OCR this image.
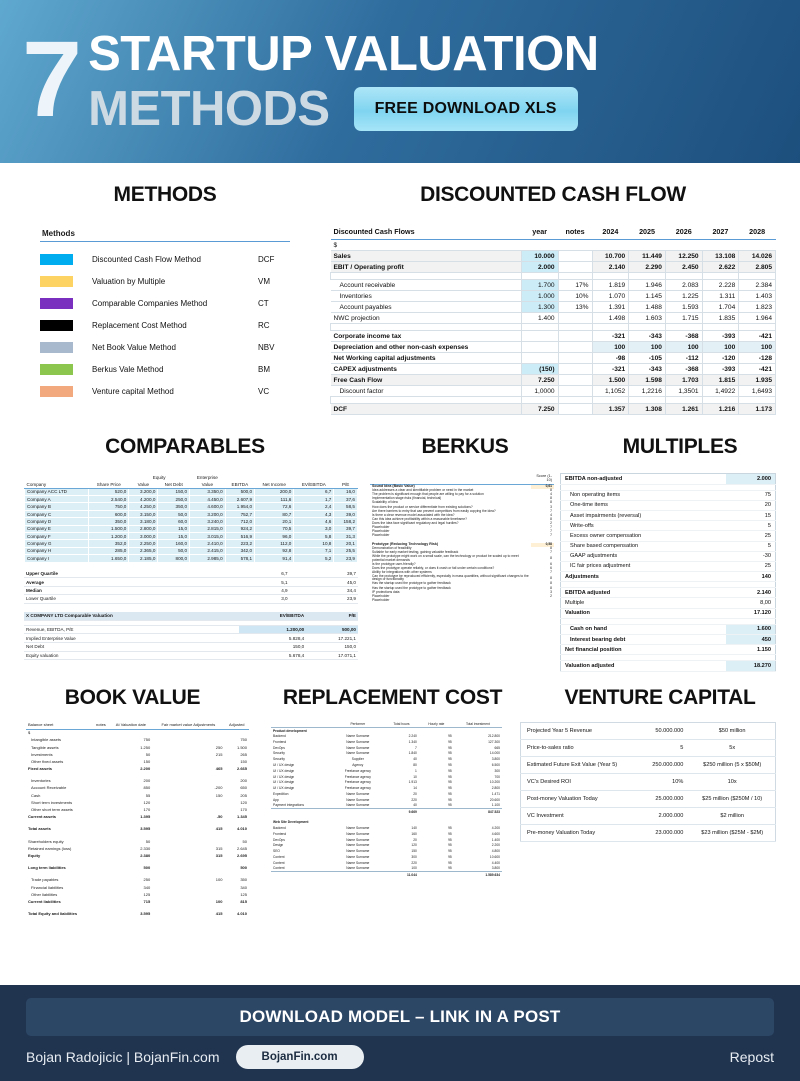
7 STARTUP VALUATION
METHODS	FREE DOWNLOAD XLS
METHODS
Methods
Discounted Cash Flow Method	DCF
Valuation by Multiple	VM
Comparable Companies Method	CT
Replacement Cost Method	RC
Net Book Value Method	NBV
Berkus Vale Method	BM
Venture capital Method	VC
DISCOUNTED CASH FLOW
Discounted Cash Flows	year	notes	2024	2025	2026	2027	2028
$							
Sales	10.000		10.700	11.449	12.250	13.108	14.026
EBIT / Operating profit	2.000		2.140	2.290	2.450	2.622	2.805

Account receivable	1.700	17%	1.819	1.946	2.083	2.228	2.384
Inventories	1.000	10%	1.070	1.145	1.225	1.311	1.403
Account payables	1.300	13%	1.391	1.488	1.593	1.704	1.823
NWC projection	1.400		1.498	1.603	1.715	1.835	1.964

Corporate income tax			-321	-343	-368	-393	-421
Depreciation and other non-cash expenses			100	100	100	100	100
Net Working capital adjustments			-98	-105	-112	-120	-128
CAPEX adjustments	(150)		-321	-343	-368	-393	-421
Free Cash Flow	7.250		1.500	1.598	1.703	1.815	1.935
Discount factor	1,0000		1,1052	1,2216	1,3501	1,4922	1,6493

DCF	7.250		1.357	1.308	1.261	1.216	1.173
COMPARABLES	BERKUS	MULTIPLES
		Equity		Enterprise				
Company	Share Price	Value	Net Debt	Value	EBITDA	Net Income	EV/EBITDA	P/E
Company ACC LTD	520,0	3.200,0	150,0	3.350,0	500,0	200,0	6,7	16,0
Company A	2.540,0	4.200,0	250,0	4.450,0	2.607,9	111,6	1,7	37,6
Company B	750,0	4.250,0	350,0	4.600,0	1.954,0	72,6	2,4	58,5
Company C	600,0	3.150,0	50,0	3.200,0	752,7	80,7	4,3	39,0
Company D	350,0	3.180,0	60,0	3.240,0	712,0	20,1	4,6	158,2
Company E	1.500,0	2.800,0	15,0	2.815,0	924,2	70,5	3,0	39,7
Company F	1.200,0	3.000,0	15,0	3.015,0	516,9	96,0	5,8	31,3
Company G	352,0	2.250,0	160,0	2.410,0	223,2	112,0	10,8	20,1
Company H	285,0	2.365,0	50,0	2.415,0	342,0	92,8	7,1	25,5
Company I	1.650,0	2.185,0	800,0	2.985,0	578,1	91,4	5,2	23,9
Upper Quartile		6,7	39,7
Average		5,1	45,0
Median		4,9	34,4
Lower Quartile		3,0	23,9
X COMPANY LTD Comparable Valuation	EV/EBITDA	P/E

Revenue, EBITDA, P/E	1.200,00	500,00
Implied Enterprise Value	5.828,4	17.221,1
Net Debt	150,0	150,0
Equity valuation	5.678,4	17.071,1
	Score (1-10)
Sound Idea (Basic Value)	0,61
Idea addresses a clear and identifiable problem or need in the market	8
The problem is significant enough that people are willing to pay for a solution	4
Implementation stage risks (financial, technical)	8
Scalability of idea	8
How does the product or service differentiate from existing solutions?	3
Are there barriers to entry that can prevent competitors from easily copying the idea?	7
Is there a clear revenue model associated with the idea?	4
Can this idea achieve profitability within a reasonable timeframe?	8
Does the idea face significant regulatory and legal hurdles?	2
Placeholder	7
Placeholder	7
Placeholder	7

Prototype (Reducing Technology Risk)	0,58
Demonstration of feasibility	8
Suitable for early market testing, gaining valuable feedback	7
While the prototype might work on a small scale, can the technology or product be scaled up to meet potential market demands	8
Is the prototype user-friendly?	6
Does the prototype operate reliably, or does it crash or fail under certain conditions?	6
Ability for integrations with other systems	7
Can the prototype be reproduced efficiently, especially in mass quantities, without significant changes to the design or functionality	8
Has the startup used the prototype to gather feedback	8
Has the startup used the prototype to gather feedback	8
IP protections data	3
Placeholder	2
Placeholder	

EBITDA non-adjusted	2.000

Non operating items	75
One-time items	20
Asset impairments (reversal)	15
Write-offs	5
Excess owner compensation	25
Share based compensation	5
GAAP adjustments	-30
IC fair prices adjustment	25
Adjustments	140

EBITDA adjusted	2.140
Multiple	8,00
Valuation	17.120

Cash on hand	1.600
Interest bearing debt	450
Net financial position	1.150

Valuation adjusted	18.270
BOOK VALUE	REPLACEMENT COST	VENTURE CAPITAL
Balance sheet	notes	At Valuation date	Fair market value Adjustments	Adjusted
$				
Intangible assets		750		750
Tangible assets		1.250	250	1.500
Investments		50	215	265
Other fixed assets		150		150
Fixed assets		2.200	465	2.665

Inventories		200		200
Account Receivable		850	-200	650
Cash		55	150	205
Short term investments		120		120
Other short term assets		170		170
Current assets		1.395	-50	1.345

Total assets		3.595	415	4.010

Shareholders equity		50		50
Retained earnings (loss)		2.330	315	2.645
Equity		2.380	315	2.695

Long term liabilities		500		500

Trade payables		250	100	350
Financial liabilities		340		340
Other liabilities		125		125
Current liabilities		715	100	815

Total Equity and liabilities		3.595	415	4.010
	Performer	Total hours	Hourly rate	Total investment
Product development				
Backend	Name Surname	2.240	95	212.800
Frontend	Name Surname	1.340	95	127.300
DevOps	Name Surname	7	95	665
Security	Name Surname	1.840	95	14.000
Security	Supplier	40	95	3.800
UI / UX design	Agency	80	95	6.500
UI / UX design	Freelance agency	1	95	300
UI / UX design	Freelance agency	10	95	700
UI / UX design	Freelance agency	1.913	95	10.200
UI / UX design	Freelance agency	14	95	2.800
Expedition	Name Surname	20	95	1.471
App	Name Surname	220	95	20.600
Payment integrations	Name Surname	40	95	1.100
		9.669		847.523

Web Site Development				
Backend	Name Surname	140	95	4.200
Frontend	Name Surname	160	95	4.600
DevOps	Name Surname	20	95	1.400
Design	Name Surname	120	95	2.200
SEO	Name Surname	150	95	4.800
Content	Name Surname	300	95	10.600
Content	Name Surname	220	95	4.400
Content	Name Surname	100	95	3.800
		11.044		1.589.634

Projected Year 5 Revenue	50.000.000	$50 million
Price-to-sales ratio	5	5x
Estimated Future Exit Value (Year 5)	250.000.000	$250 million (5 x $50M)
VC's Desired ROI	10%	10x
Post-money Valuation Today	25.000.000	$25 million ($250M / 10)
VC Investment	2.000.000	$2 million
Pre-money Valuation Today	23.000.000	$23 million ($25M - $2M)
DOWNLOAD MODEL – LINK IN A POST
Bojan Radojicic | BojanFin.com	BojanFin.com	Repost
